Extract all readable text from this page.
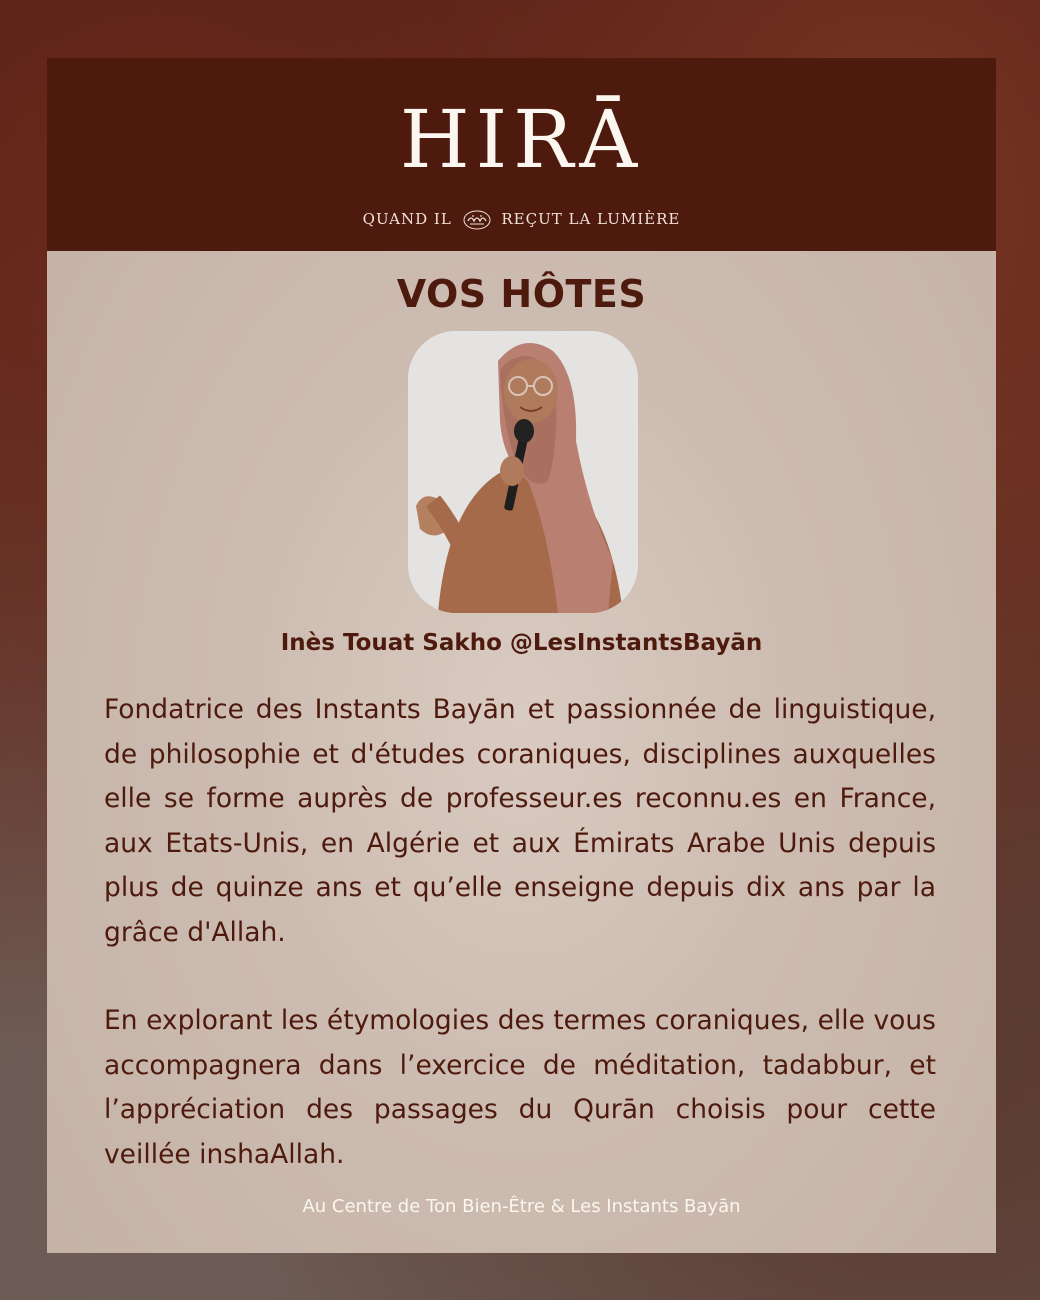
HIRĀ
QUAND IL	REÇUT LA LUMIÈRE
VOS HÔTES
Inès Touat Sakho @LesInstantsBayān

Fondatrice des Instants Bayān et passionnée de linguistique, de philosophie et d'études coraniques, disciplines auxquelles elle se forme auprès de professeur.es reconnu.es en France, aux Etats-Unis, en Algérie et aux Émirats Arabe Unis depuis plus de quinze ans et qu’elle enseigne depuis dix ans par la grâce d'Allah.

En explorant les étymologies des termes coraniques, elle vous accompagnera dans l’exercice de méditation, tadabbur, et l’appréciation des passages du Qurān choisis pour cette veillée inshaAllah.

Au Centre de Ton Bien-Être & Les Instants Bayān
